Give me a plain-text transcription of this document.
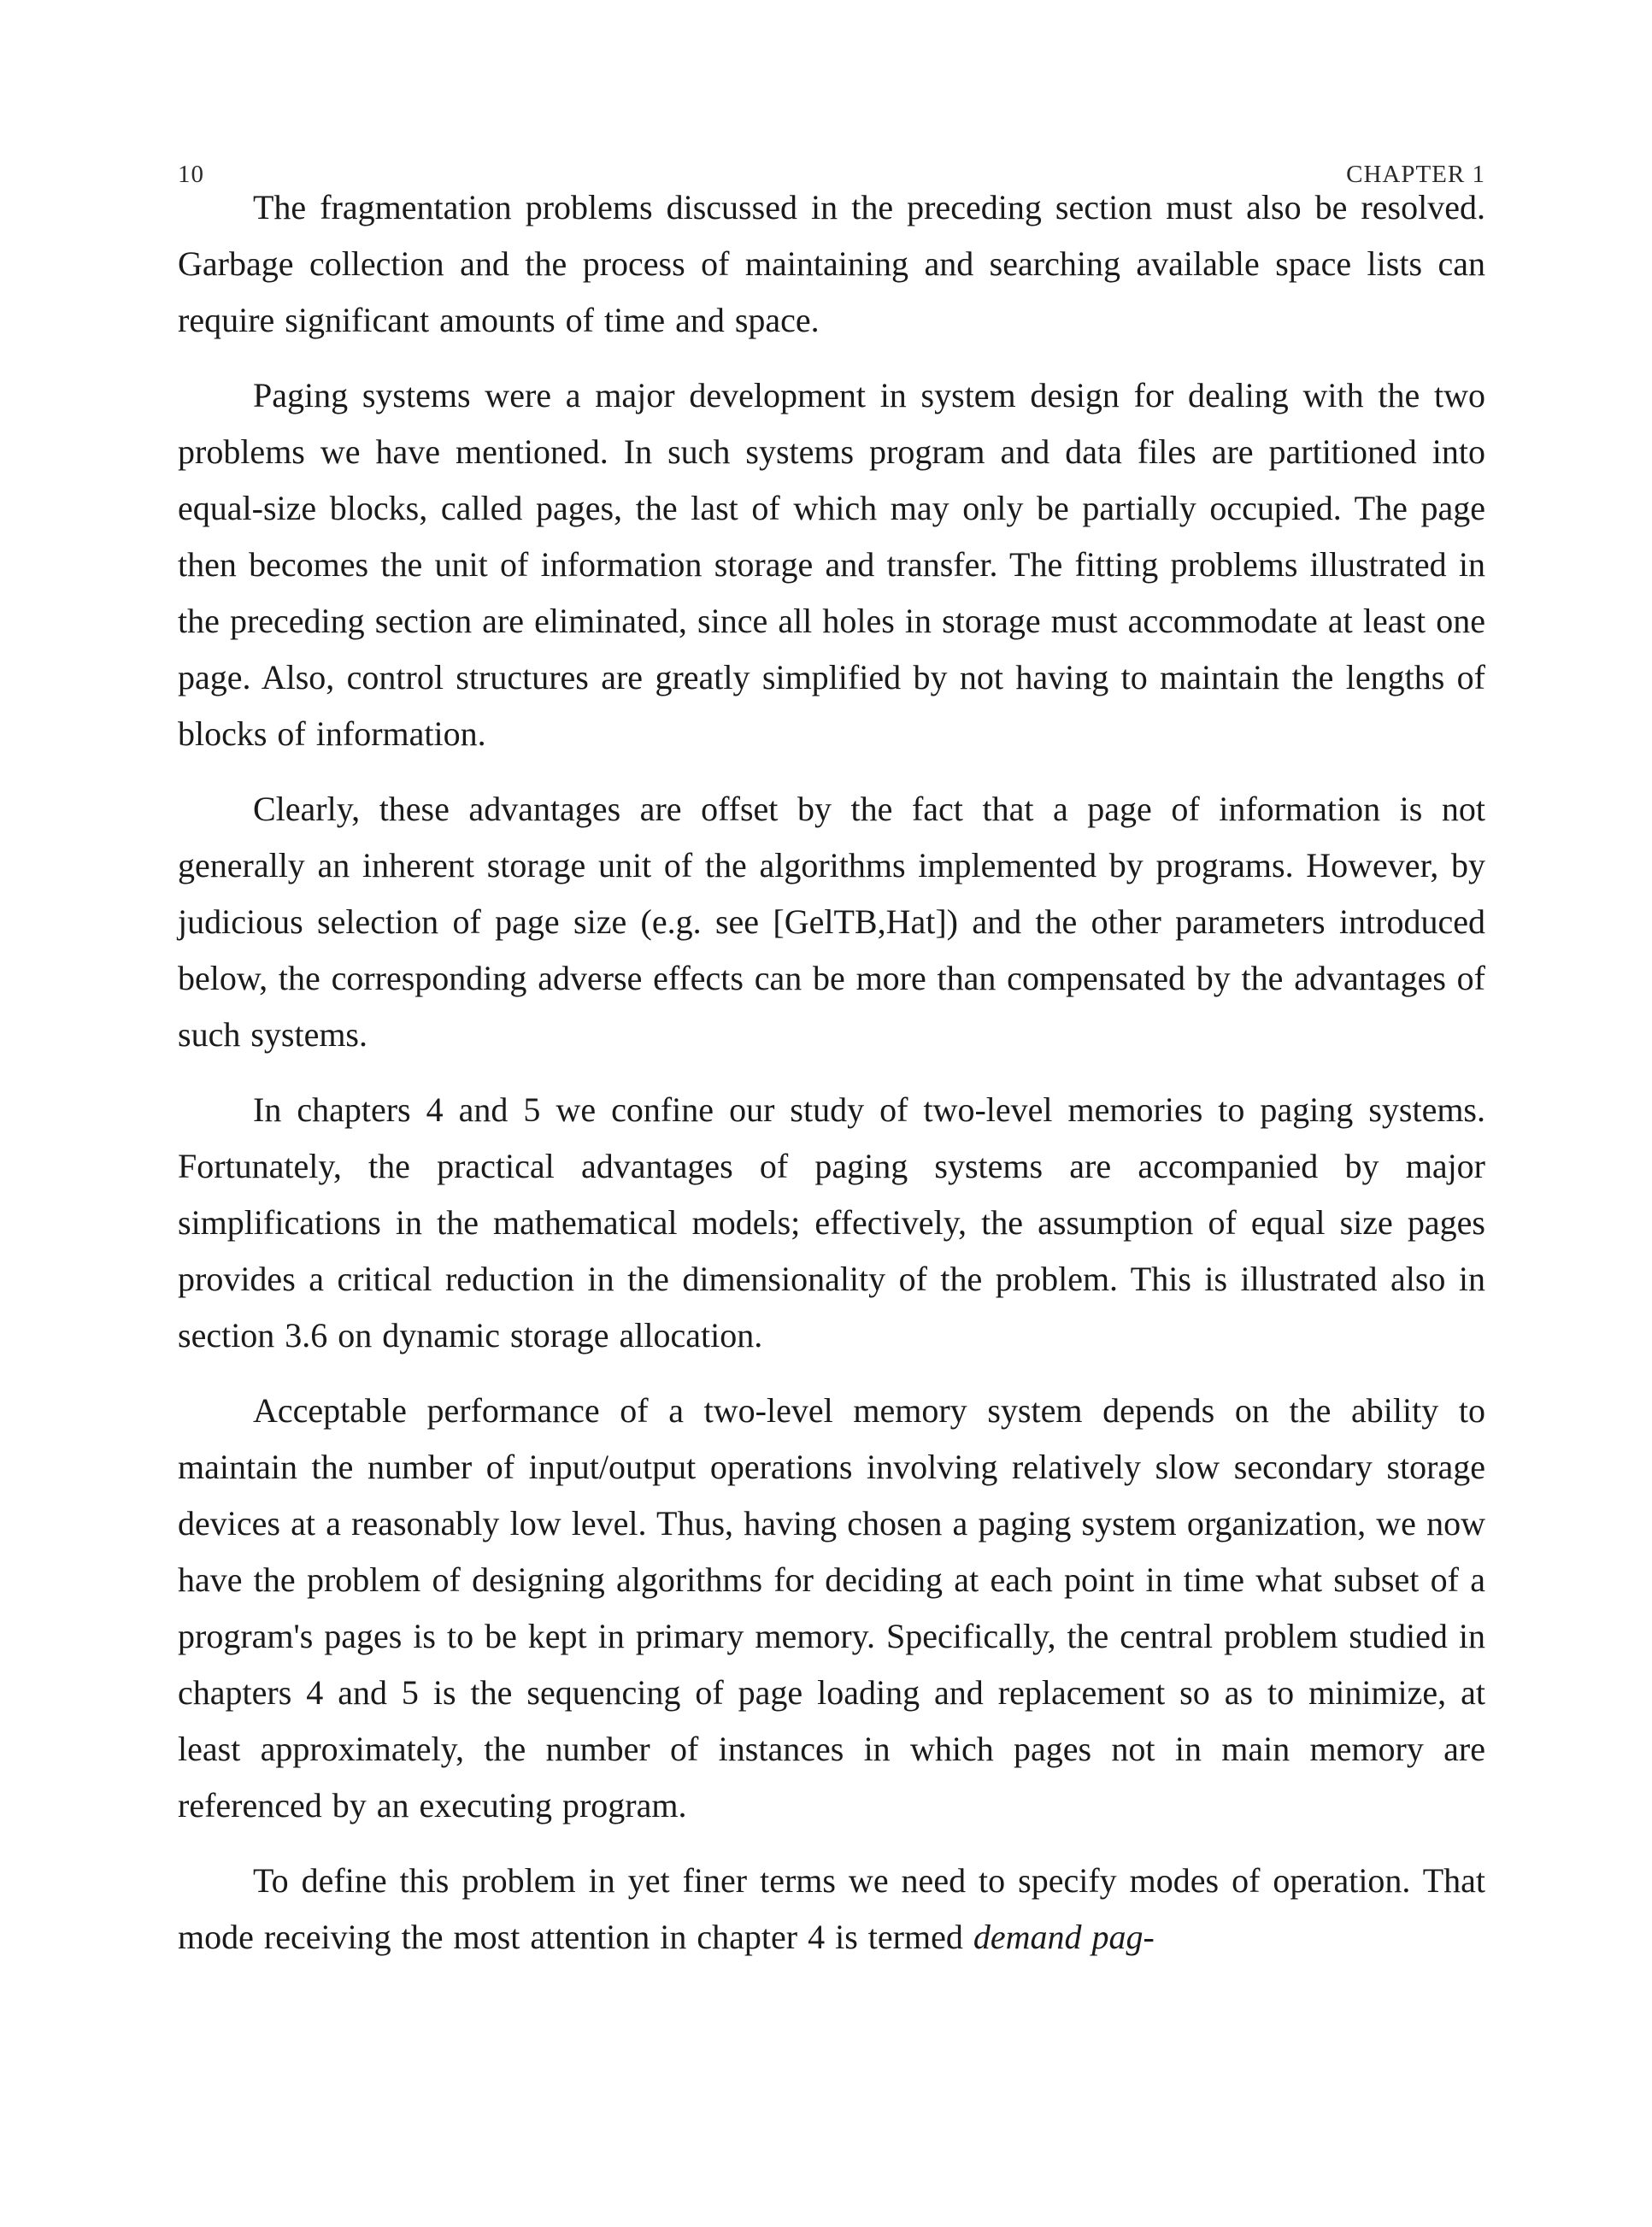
10	CHAPTER 1

The fragmentation problems discussed in the preceding section must also be resolved. Garbage collection and the process of maintaining and searching available space lists can require significant amounts of time and space.

Paging systems were a major development in system design for dealing with the two problems we have mentioned. In such systems program and data files are partitioned into equal-size blocks, called pages, the last of which may only be partially occupied. The page then becomes the unit of information storage and transfer. The fitting problems illustrated in the preceding section are eliminated, since all holes in storage must accommodate at least one page. Also, control structures are greatly simplified by not having to maintain the lengths of blocks of information.

Clearly, these advantages are offset by the fact that a page of information is not generally an inherent storage unit of the algorithms implemented by programs. However, by judicious selection of page size (e.g. see [GelTB,Hat]) and the other parameters introduced below, the corresponding adverse effects can be more than compensated by the advantages of such systems.

In chapters 4 and 5 we confine our study of two-level memories to paging systems. Fortunately, the practical advantages of paging systems are accompanied by major simplifications in the mathematical models; effectively, the assumption of equal size pages provides a critical reduction in the dimensionality of the problem. This is illustrated also in section 3.6 on dynamic storage allocation.

Acceptable performance of a two-level memory system depends on the ability to maintain the number of input/output operations involving relatively slow secondary storage devices at a reasonably low level. Thus, having chosen a paging system organization, we now have the problem of designing algorithms for deciding at each point in time what subset of a program's pages is to be kept in primary memory. Specifically, the central problem studied in chapters 4 and 5 is the sequencing of page loading and replacement so as to minimize, at least approximately, the number of instances in which pages not in main memory are referenced by an executing program.

To define this problem in yet finer terms we need to specify modes of operation. That mode receiving the most attention in chapter 4 is termed demand pag-
